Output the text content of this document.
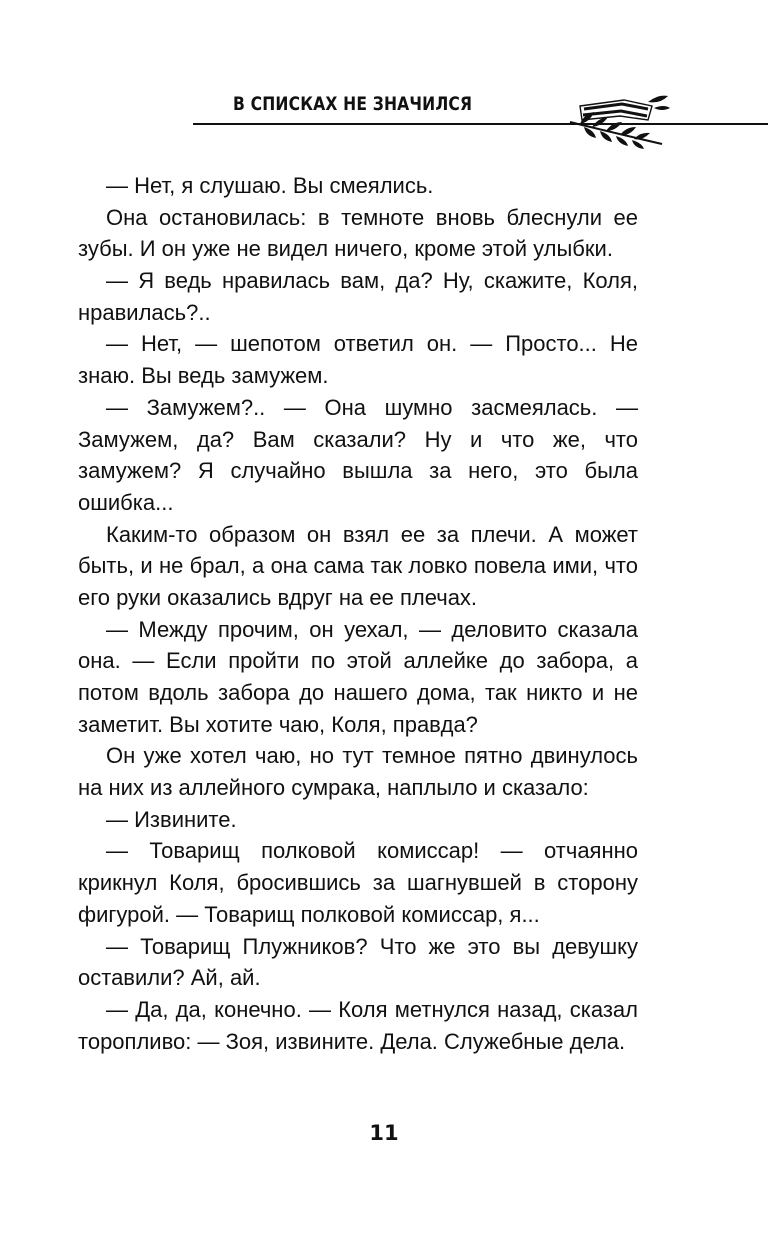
В СПИСКАХ НЕ ЗНАЧИЛСЯ

— Нет, я слушаю. Вы смеялись.

Она остановилась: в темноте вновь блеснули ее зубы. И он уже не видел ничего, кроме этой улыбки.

— Я ведь нравилась вам, да? Ну, скажите, Коля, нравилась?..

— Нет, — шепотом ответил он. — Просто... Не знаю. Вы ведь замужем.

— Замужем?.. — Она шумно засмеялась. — Замужем, да? Вам сказали? Ну и что же, что замужем? Я случайно вышла за него, это была ошибка...

Каким-то образом он взял ее за плечи. А может быть, и не брал, а она сама так ловко повела ими, что его руки оказались вдруг на ее плечах.

— Между прочим, он уехал, — деловито сказала она. — Если пройти по этой аллейке до забора, а потом вдоль забора до нашего дома, так никто и не заметит. Вы хотите чаю, Коля, правда?

Он уже хотел чаю, но тут темное пятно двинулось на них из аллейного сумрака, наплыло и сказало:

— Извините.

— Товарищ полковой комиссар! — отчаянно крикнул Коля, бросившись за шагнувшей в сторону фигурой. — Товарищ полковой комиссар, я...

— Товарищ Плужников? Что же это вы девушку оставили? Ай, ай.

— Да, да, конечно. — Коля метнулся назад, сказал торопливо: — Зоя, извините. Дела. Служебные дела.

11
